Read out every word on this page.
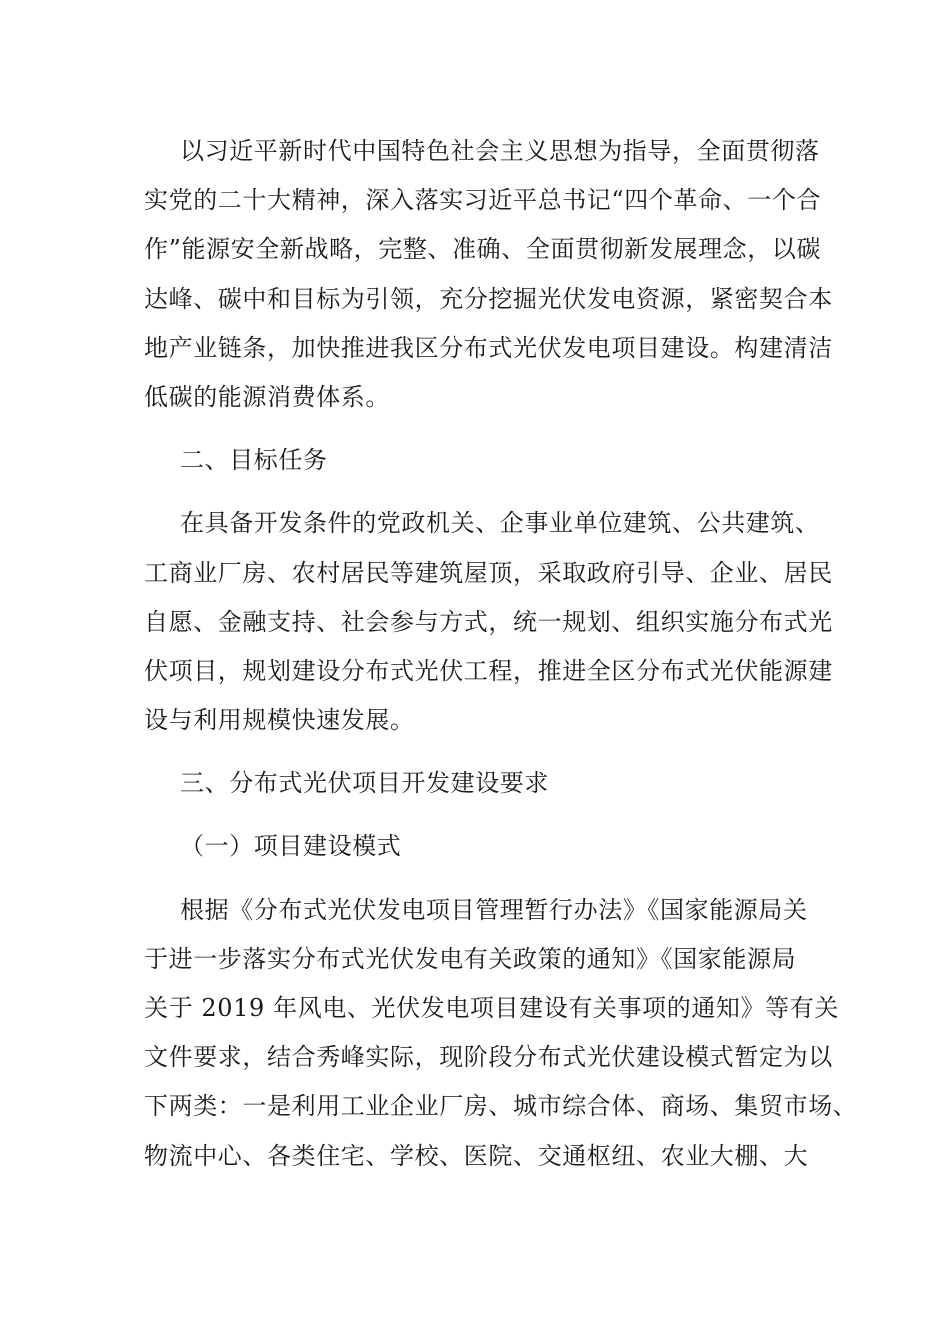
以习近平新时代中国特色社会主义思想为指导，全面贯彻落
实党的二十大精神，深入落实习近平总书记“四个革命、一个合
作”能源安全新战略，完整、准确、全面贯彻新发展理念，以碳
达峰、碳中和目标为引领，充分挖掘光伏发电资源，紧密契合本
地产业链条，加快推进我区分布式光伏发电项目建设。构建清洁
低碳的能源消费体系。
二、目标任务
在具备开发条件的党政机关、企事业单位建筑、公共建筑、
工商业厂房、农村居民等建筑屋顶，采取政府引导、企业、居民
自愿、金融支持、社会参与方式，统一规划、组织实施分布式光
伏项目，规划建设分布式光伏工程，推进全区分布式光伏能源建
设与利用规模快速发展。
三、分布式光伏项目开发建设要求
（一）项目建设模式
根据《分布式光伏发电项目管理暂行办法》《国家能源局关
于进一步落实分布式光伏发电有关政策的通知》《国家能源局
关于 2019 年风电、光伏发电项目建设有关事项的通知》等有关
文件要求，结合秀峰实际，现阶段分布式光伏建设模式暂定为以
下两类：一是利用工业企业厂房、城市综合体、商场、集贸市场、
物流中心、各类住宅、学校、医院、交通枢纽、农业大棚、大
